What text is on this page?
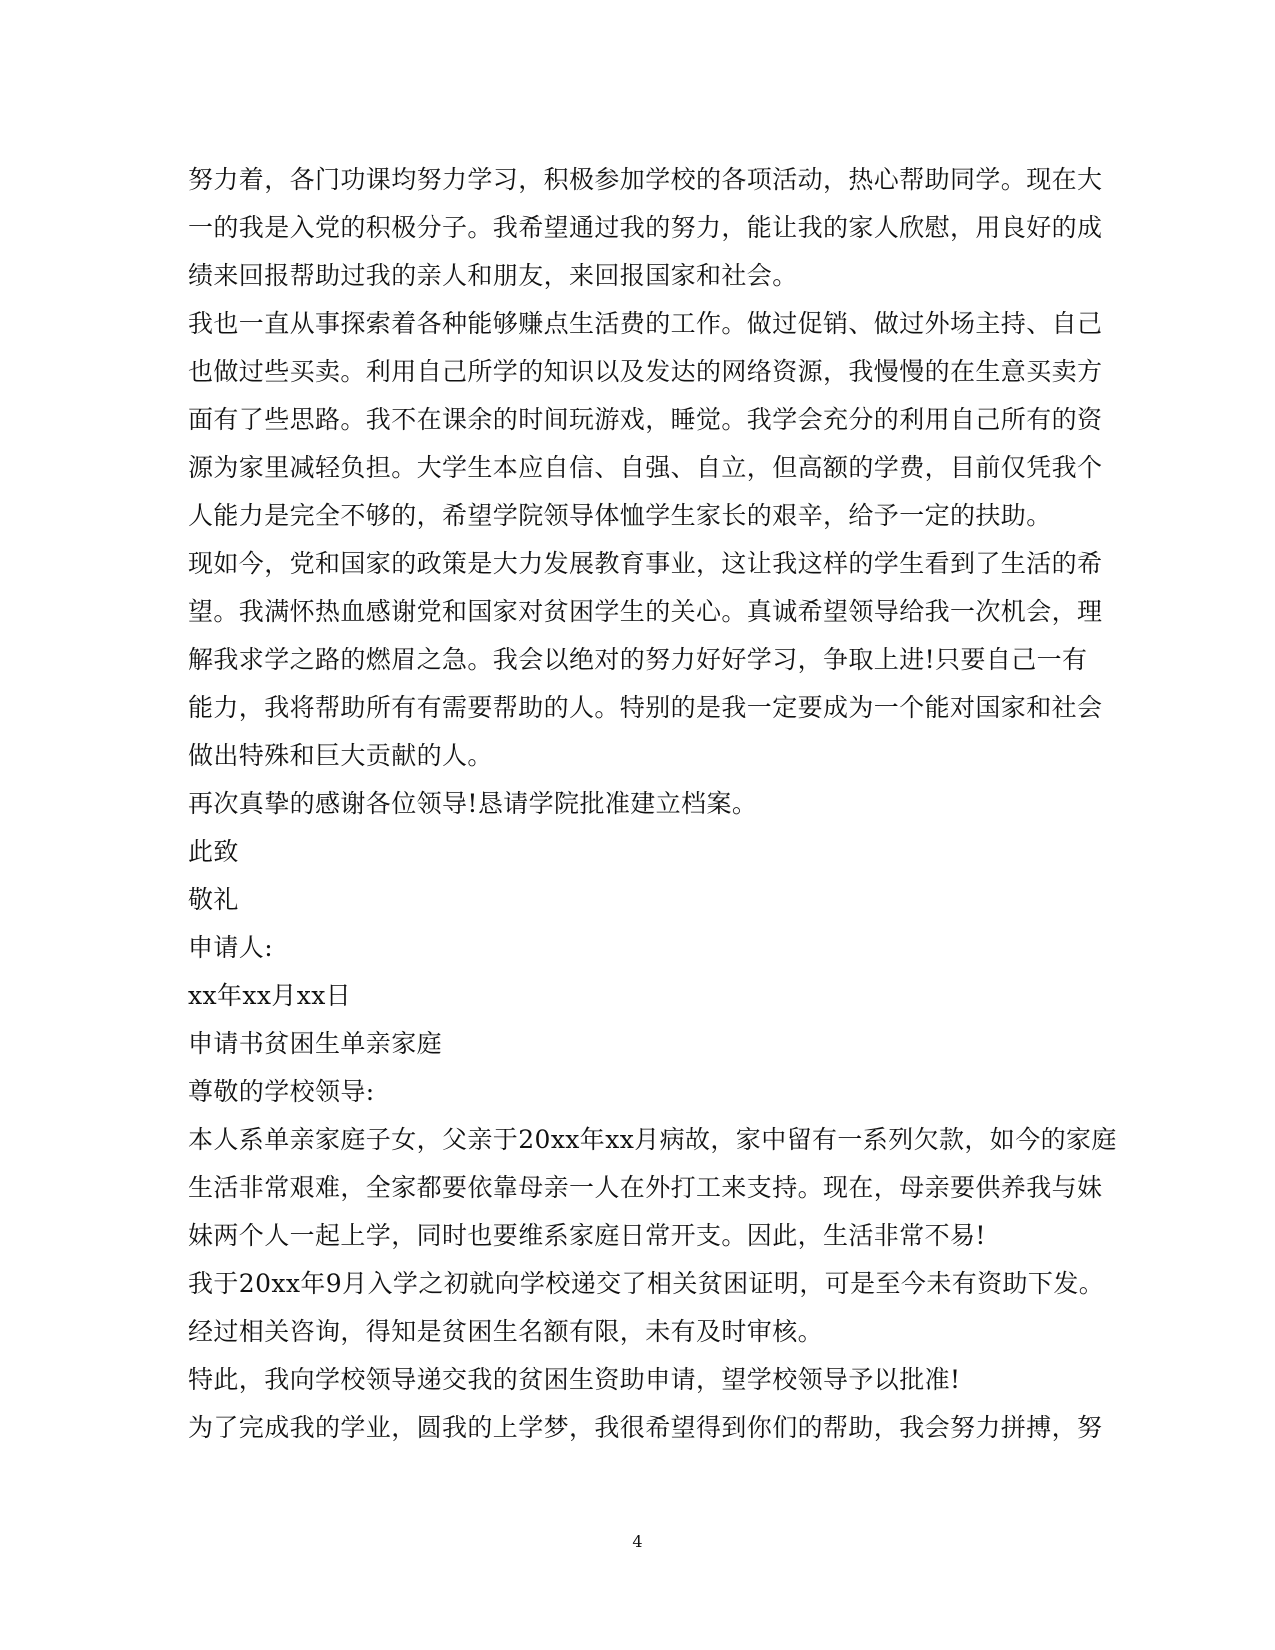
努力着，各门功课均努力学习，积极参加学校的各项活动，热心帮助同学。现在大
一的我是入党的积极分子。我希望通过我的努力，能让我的家人欣慰，用良好的成
绩来回报帮助过我的亲人和朋友，来回报国家和社会。
我也一直从事探索着各种能够赚点生活费的工作。做过促销、做过外场主持、自己
也做过些买卖。利用自己所学的知识以及发达的网络资源，我慢慢的在生意买卖方
面有了些思路。我不在课余的时间玩游戏，睡觉。我学会充分的利用自己所有的资
源为家里减轻负担。大学生本应自信、自强、自立，但高额的学费，目前仅凭我个
人能力是完全不够的，希望学院领导体恤学生家长的艰辛，给予一定的扶助。
现如今，党和国家的政策是大力发展教育事业，这让我这样的学生看到了生活的希
望。我满怀热血感谢党和国家对贫困学生的关心。真诚希望领导给我一次机会，理
解我求学之路的燃眉之急。我会以绝对的努力好好学习，争取上进!只要自己一有
能力，我将帮助所有有需要帮助的人。特别的是我一定要成为一个能对国家和社会
做出特殊和巨大贡献的人。
再次真挚的感谢各位领导!恳请学院批准建立档案。
此致
敬礼
申请人:
xx年xx月xx日
申请书贫困生单亲家庭
尊敬的学校领导:
本人系单亲家庭子女，父亲于20xx年xx月病故，家中留有一系列欠款，如今的家庭
生活非常艰难，全家都要依靠母亲一人在外打工来支持。现在，母亲要供养我与妹
妹两个人一起上学，同时也要维系家庭日常开支。因此，生活非常不易!
我于20xx年9月入学之初就向学校递交了相关贫困证明，可是至今未有资助下发。
经过相关咨询，得知是贫困生名额有限，未有及时审核。
特此，我向学校领导递交我的贫困生资助申请，望学校领导予以批准!
为了完成我的学业，圆我的上学梦，我很希望得到你们的帮助，我会努力拼搏，努
4
